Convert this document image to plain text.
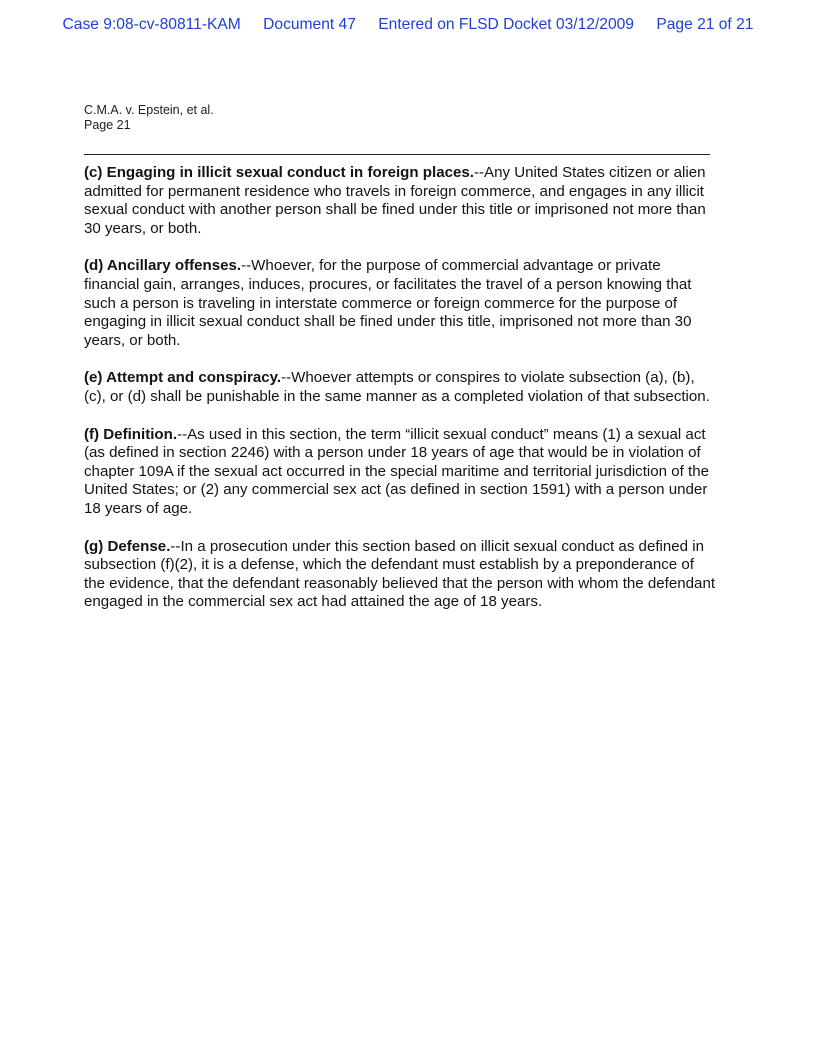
Case 9:08-cv-80811-KAM Document 47 Entered on FLSD Docket 03/12/2009 Page 21 of 21
C.M.A. v. Epstein, et al.
Page 21

(c) Engaging in illicit sexual conduct in foreign places.--Any United States citizen or alien admitted for permanent residence who travels in foreign commerce, and engages in any illicit sexual conduct with another person shall be fined under this title or imprisoned not more than 30 years, or both.

(d) Ancillary offenses.--Whoever, for the purpose of commercial advantage or private financial gain, arranges, induces, procures, or facilitates the travel of a person knowing that such a person is traveling in interstate commerce or foreign commerce for the purpose of engaging in illicit sexual conduct shall be fined under this title, imprisoned not more than 30 years, or both.

(e) Attempt and conspiracy.--Whoever attempts or conspires to violate subsection (a), (b), (c), or (d) shall be punishable in the same manner as a completed violation of that subsection.

(f) Definition.--As used in this section, the term “illicit sexual conduct” means (1) a sexual act (as defined in section 2246) with a person under 18 years of age that would be in violation of chapter 109A if the sexual act occurred in the special maritime and territorial jurisdiction of the United States; or (2) any commercial sex act (as defined in section 1591) with a person under 18 years of age.

(g) Defense.--In a prosecution under this section based on illicit sexual conduct as defined in subsection (f)(2), it is a defense, which the defendant must establish by a preponderance of the evidence, that the defendant reasonably believed that the person with whom the defendant engaged in the commercial sex act had attained the age of 18 years.
